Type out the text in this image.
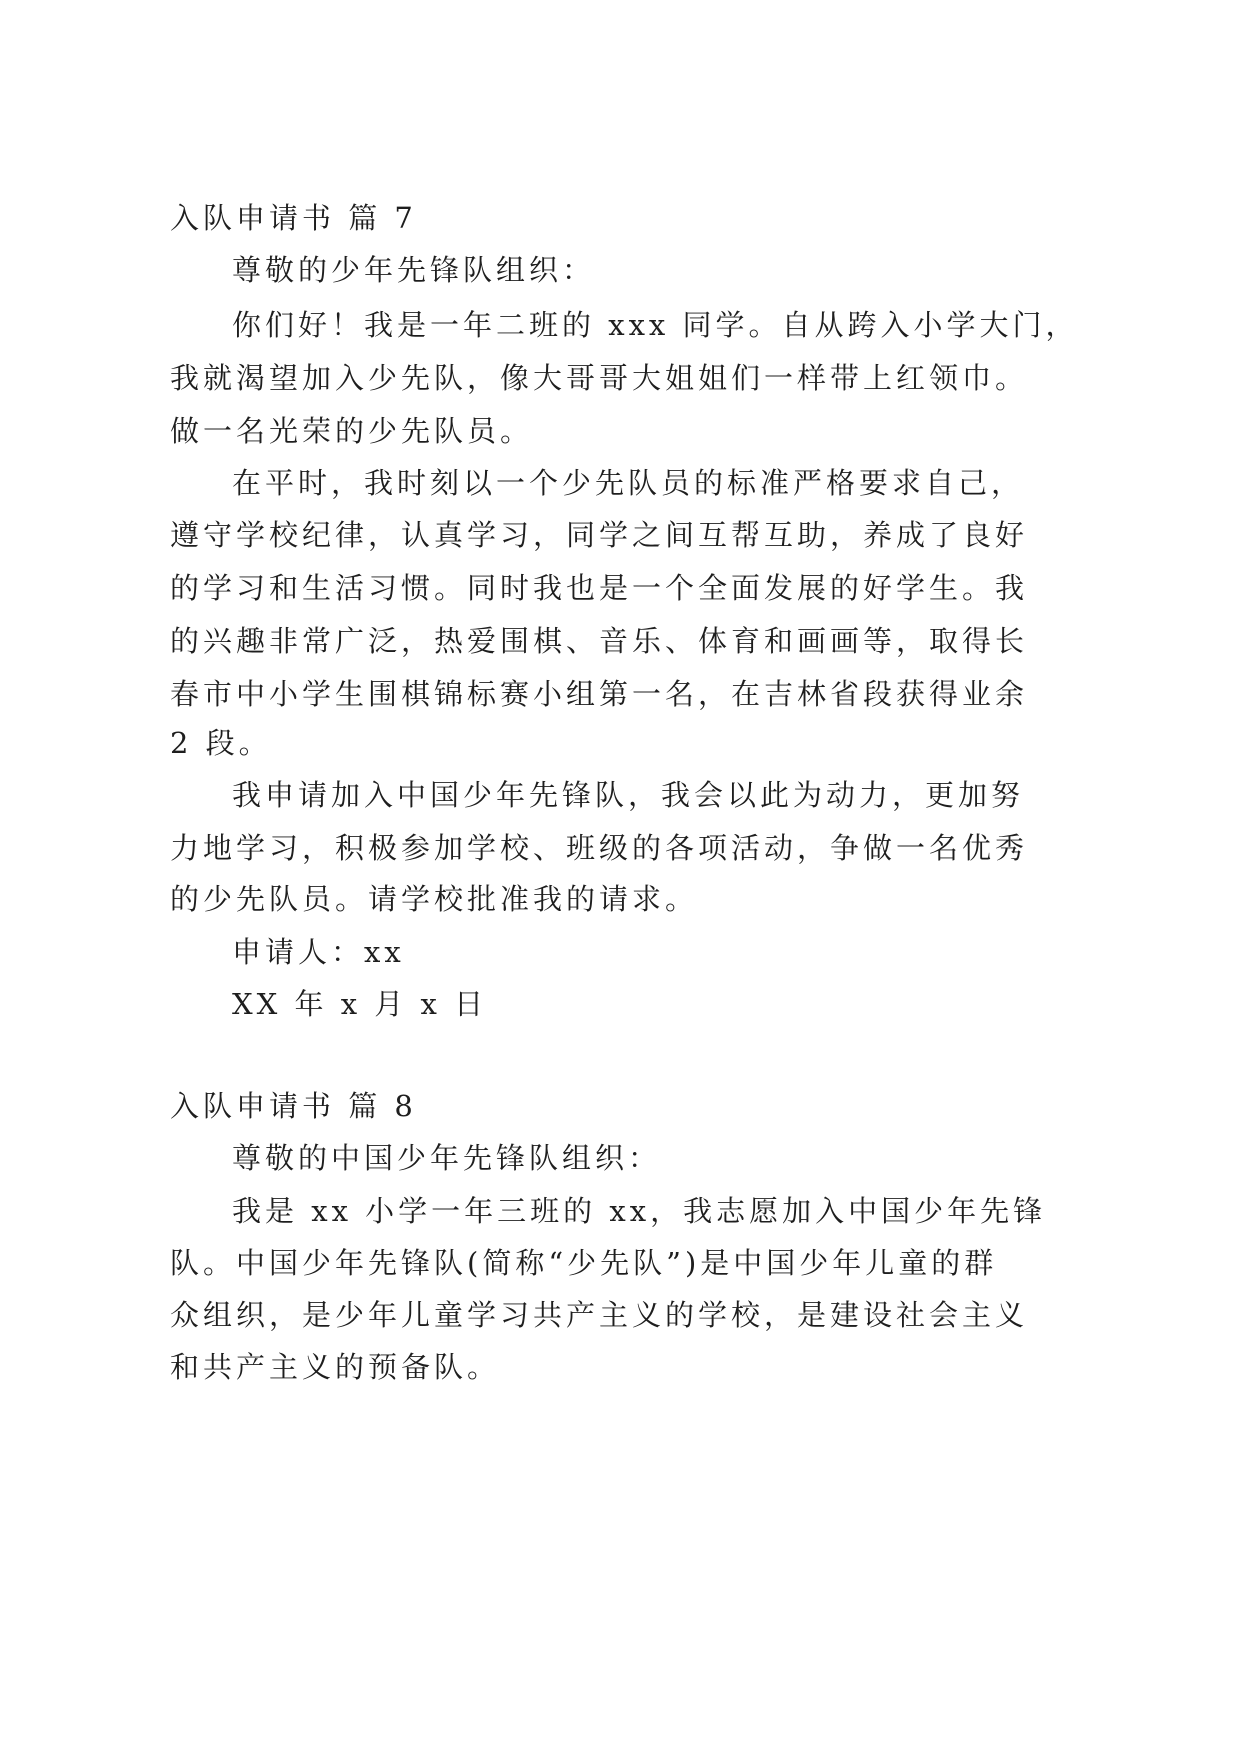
入队申请书 篇 7
尊敬的少年先锋队组织：
你们好！我是一年二班的 xxx 同学。自从跨入小学大门，
我就渴望加入少先队，像大哥哥大姐姐们一样带上红领巾。
做一名光荣的少先队员。
在平时，我时刻以一个少先队员的标准严格要求自己，
遵守学校纪律，认真学习，同学之间互帮互助，养成了良好
的学习和生活习惯。同时我也是一个全面发展的好学生。我
的兴趣非常广泛，热爱围棋、音乐、体育和画画等，取得长
春市中小学生围棋锦标赛小组第一名，在吉林省段获得业余
2 段。
我申请加入中国少年先锋队，我会以此为动力，更加努
力地学习，积极参加学校、班级的各项活动，争做一名优秀
的少先队员。请学校批准我的请求。
申请人：xx
XX 年 x 月 x 日
入队申请书 篇 8
尊敬的中国少年先锋队组织：
我是 xx 小学一年三班的 xx，我志愿加入中国少年先锋
队。中国少年先锋队(简称“少先队”)是中国少年儿童的群
众组织，是少年儿童学习共产主义的学校，是建设社会主义
和共产主义的预备队。
